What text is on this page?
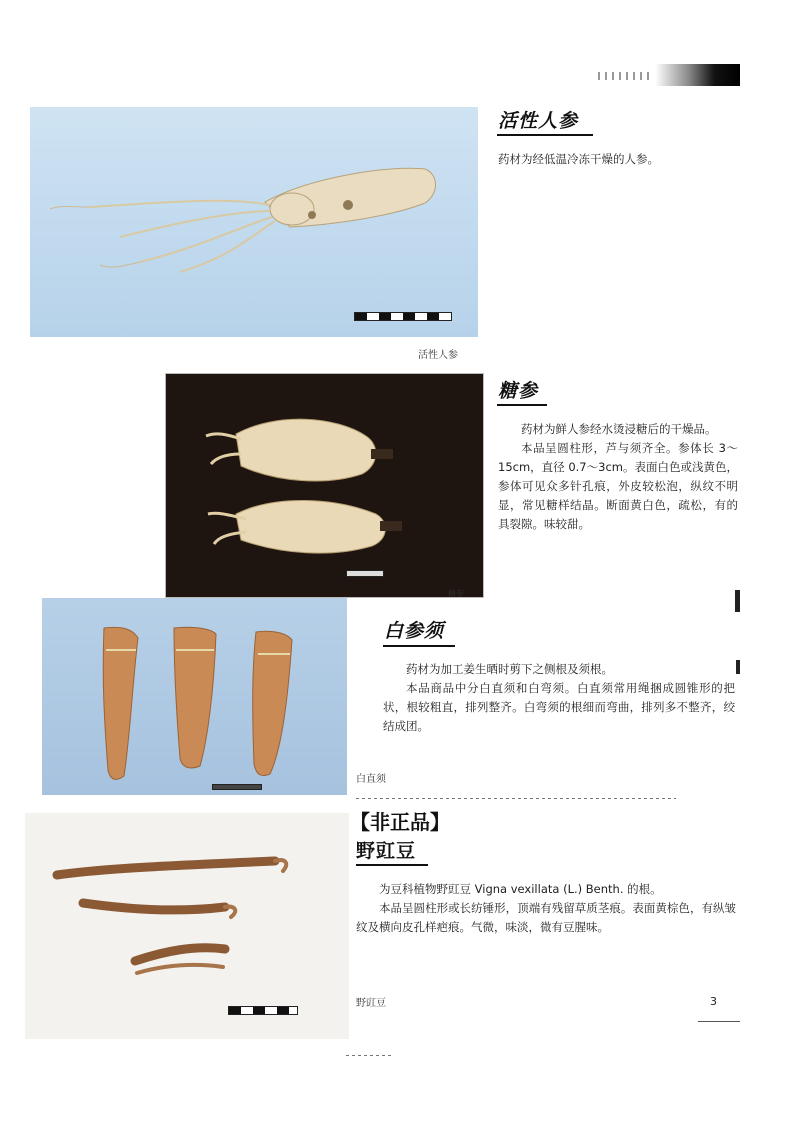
活性人参
活性人参
药材为经低温冷冻干燥的人参。
糖参
糖参

药材为鲜人参经水烫浸糖后的干燥品。

本品呈圆柱形，芦与须齐全。参体长 3～15cm，直径 0.7～3cm。表面白色或浅黄色，参体可见众多针孔痕，外皮较松泡，纵纹不明显，常见糖样结晶。断面黄白色，疏松，有的具裂隙。味较甜。

白直须
白参须

药材为加工姜生晒时剪下之侧根及须根。

本品商品中分白直须和白弯须。白直须常用绳捆成圆锥形的把状，根较粗直，排列整齐。白弯须的根细而弯曲，排列多不整齐，绞结成团。

【非正品】
野豇豆
野豇豆

为豆科植物野豇豆 Vigna vexillata (L.) Benth. 的根。

本品呈圆柱形或长纺锤形，顶端有残留草质茎痕。表面黄棕色，有纵皱纹及横向皮孔样疤痕。气微，味淡，微有豆腥味。

3
